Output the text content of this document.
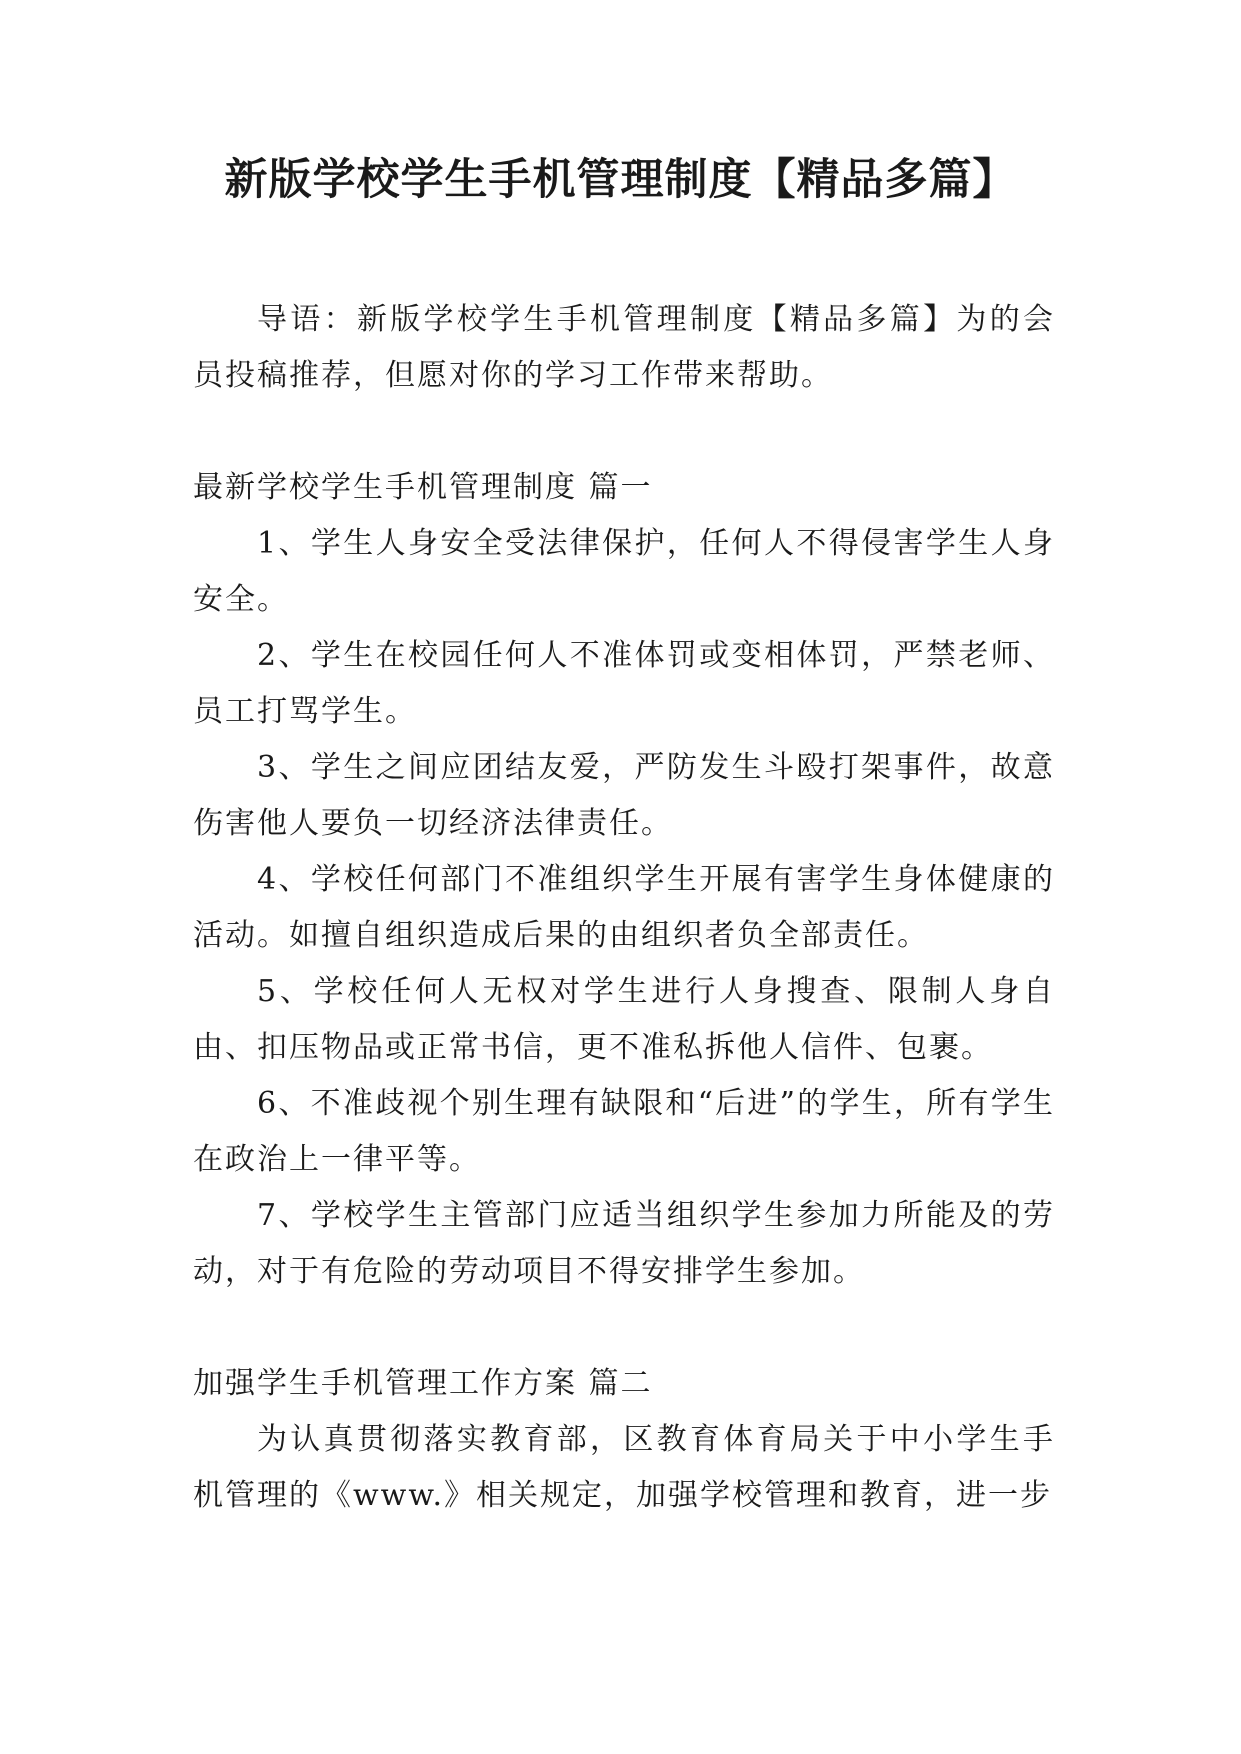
新版学校学生手机管理制度【精品多篇】

导语：新版学校学生手机管理制度【精品多篇】为的会员投稿推荐，但愿对你的学习工作带来帮助。

最新学校学生手机管理制度 篇一

1、学生人身安全受法律保护，任何人不得侵害学生人身安全。

2、学生在校园任何人不准体罚或变相体罚，严禁老师、员工打骂学生。

3、学生之间应团结友爱，严防发生斗殴打架事件，故意伤害他人要负一切经济法律责任。

4、学校任何部门不准组织学生开展有害学生身体健康的活动。如擅自组织造成后果的由组织者负全部责任。

5、学校任何人无权对学生进行人身搜查、限制人身自由、扣压物品或正常书信，更不准私拆他人信件、包裹。

6、不准歧视个别生理有缺限和“后进”的学生，所有学生在政治上一律平等。

7、学校学生主管部门应适当组织学生参加力所能及的劳动，对于有危险的劳动项目不得安排学生参加。

加强学生手机管理工作方案 篇二

为认真贯彻落实教育部，区教育体育局关于中小学生手机管理的《www.》相关规定，加强学校管理和教育，进一步
